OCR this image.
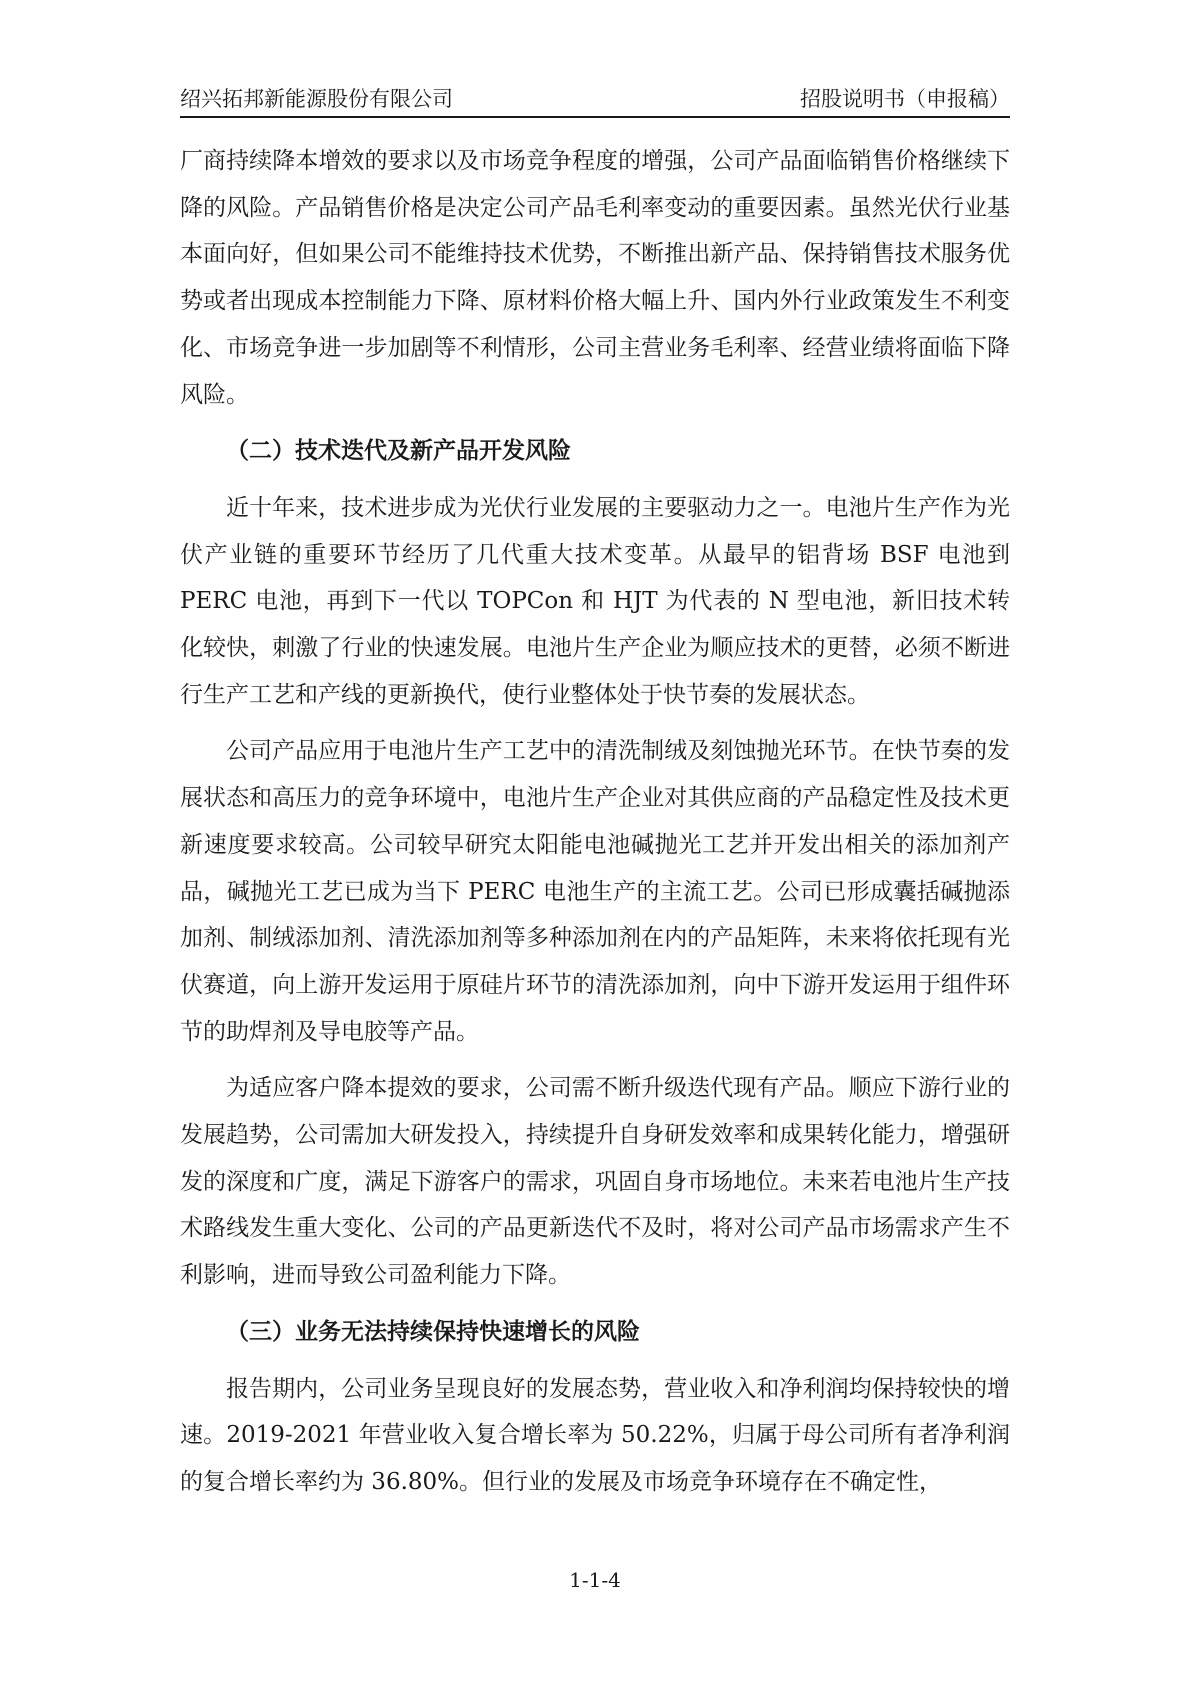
绍兴拓邦新能源股份有限公司	招股说明书（申报稿）

厂商持续降本增效的要求以及市场竞争程度的增强，公司产品面临销售价格继续下降的风险。产品销售价格是决定公司产品毛利率变动的重要因素。虽然光伏行业基本面向好，但如果公司不能维持技术优势，不断推出新产品、保持销售技术服务优势或者出现成本控制能力下降、原材料价格大幅上升、国内外行业政策发生不利变化、市场竞争进一步加剧等不利情形，公司主营业务毛利率、经营业绩将面临下降风险。

（二）技术迭代及新产品开发风险

近十年来，技术进步成为光伏行业发展的主要驱动力之一。电池片生产作为光伏产业链的重要环节经历了几代重大技术变革。从最早的铝背场 BSF 电池到 PERC 电池，再到下一代以 TOPCon 和 HJT 为代表的 N 型电池，新旧技术转化较快，刺激了行业的快速发展。电池片生产企业为顺应技术的更替，必须不断进行生产工艺和产线的更新换代，使行业整体处于快节奏的发展状态。

公司产品应用于电池片生产工艺中的清洗制绒及刻蚀抛光环节。在快节奏的发展状态和高压力的竞争环境中，电池片生产企业对其供应商的产品稳定性及技术更新速度要求较高。公司较早研究太阳能电池碱抛光工艺并开发出相关的添加剂产品，碱抛光工艺已成为当下 PERC 电池生产的主流工艺。公司已形成囊括碱抛添加剂、制绒添加剂、清洗添加剂等多种添加剂在内的产品矩阵，未来将依托现有光伏赛道，向上游开发运用于原硅片环节的清洗添加剂，向中下游开发运用于组件环节的助焊剂及导电胶等产品。

为适应客户降本提效的要求，公司需不断升级迭代现有产品。顺应下游行业的发展趋势，公司需加大研发投入，持续提升自身研发效率和成果转化能力，增强研发的深度和广度，满足下游客户的需求，巩固自身市场地位。未来若电池片生产技术路线发生重大变化、公司的产品更新迭代不及时，将对公司产品市场需求产生不利影响，进而导致公司盈利能力下降。

（三）业务无法持续保持快速增长的风险

报告期内，公司业务呈现良好的发展态势，营业收入和净利润均保持较快的增速。2019-2021 年营业收入复合增长率为 50.22%，归属于母公司所有者净利润的复合增长率约为 36.80%。但行业的发展及市场竞争环境存在不确定性，

1-1-4
